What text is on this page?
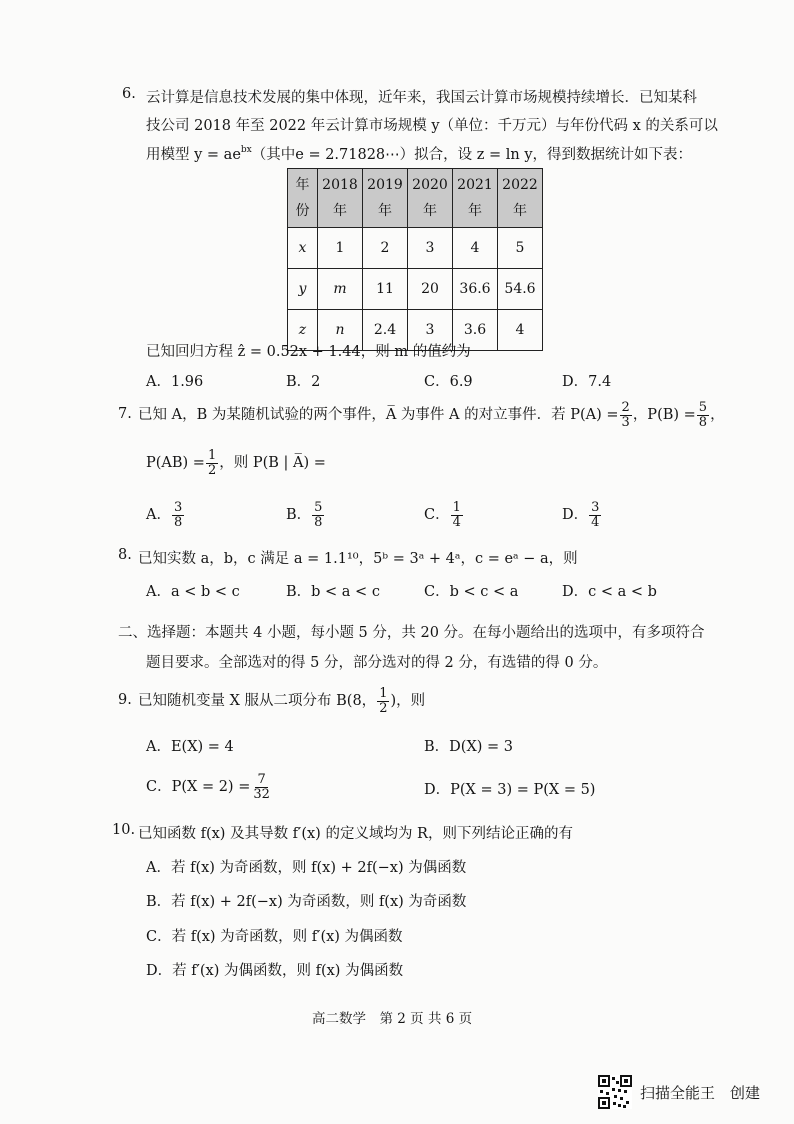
6. 云计算是信息技术发展的集中体现，近年来，我国云计算市场规模持续增长．已知某科
技公司 2018 年至 2022 年云计算市场规模 y（单位：千万元）与年份代码 x 的关系可以
用模型 $y = ae^{bx}$（其中e = 2.71828⋯）拟合，设 z = ln y，得到数据统计如下表：
年份	2018年	2019年	2020年	2021年	2022年
x	1	2	3	4	5
y	m	11	20	36.6	54.6
z	n	2.4	3	3.6	4
已知回归方程 ẑ = 0.52x + 1.44，则 m 的值约为
A．1.96	B．2	C．6.9	D．7.4
7. 已知 A，B 为某随机试验的两个事件，A̅ 为事件 A 的对立事件．若 $P(A) = \frac{2}{3}$ ，$P(B) = \frac{5}{8}$ ，
$P(AB) = \frac{1}{2}$ ，则 P(B | A̅) =
A． $\frac{3}{8}$	B． $\frac{5}{8}$	C． $\frac{1}{4}$	D． $\frac{3}{4}$
8. 已知实数 a，b，c 满足 a = 1.1¹⁰，5ᵇ = 3ᵃ + 4ᵃ，c = eᵃ − a，则
A．a < b < c	B．b < a < c	C．b < c < a	D．c < a < b
二、选择题：本题共 4 小题，每小题 5 分，共 20 分。在每小题给出的选项中，有多项符合
题目要求。全部选对的得 5 分，部分选对的得 2 分，有选错的得 0 分。
9. 已知随机变量 X 服从二项分布 B(8， $\frac{1}{2}$ )，则
A．E(X) = 4	B．D(X) = 3
C．$P(X = 2) = \frac{7}{32}$	D．P(X = 3) = P(X = 5)
10. 已知函数 f(x) 及其导数 f′(x) 的定义域均为 R，则下列结论正确的有
A．若 f(x) 为奇函数，则 f(x) + 2f(−x) 为偶函数
B．若 f(x) + 2f(−x) 为奇函数，则 f(x) 为奇函数
C．若 f(x) 为奇函数，则 f′(x) 为偶函数
D．若 f′(x) 为偶函数，则 f(x) 为偶函数
高二数学　第 2 页 共 6 页
扫描全能王　创建
